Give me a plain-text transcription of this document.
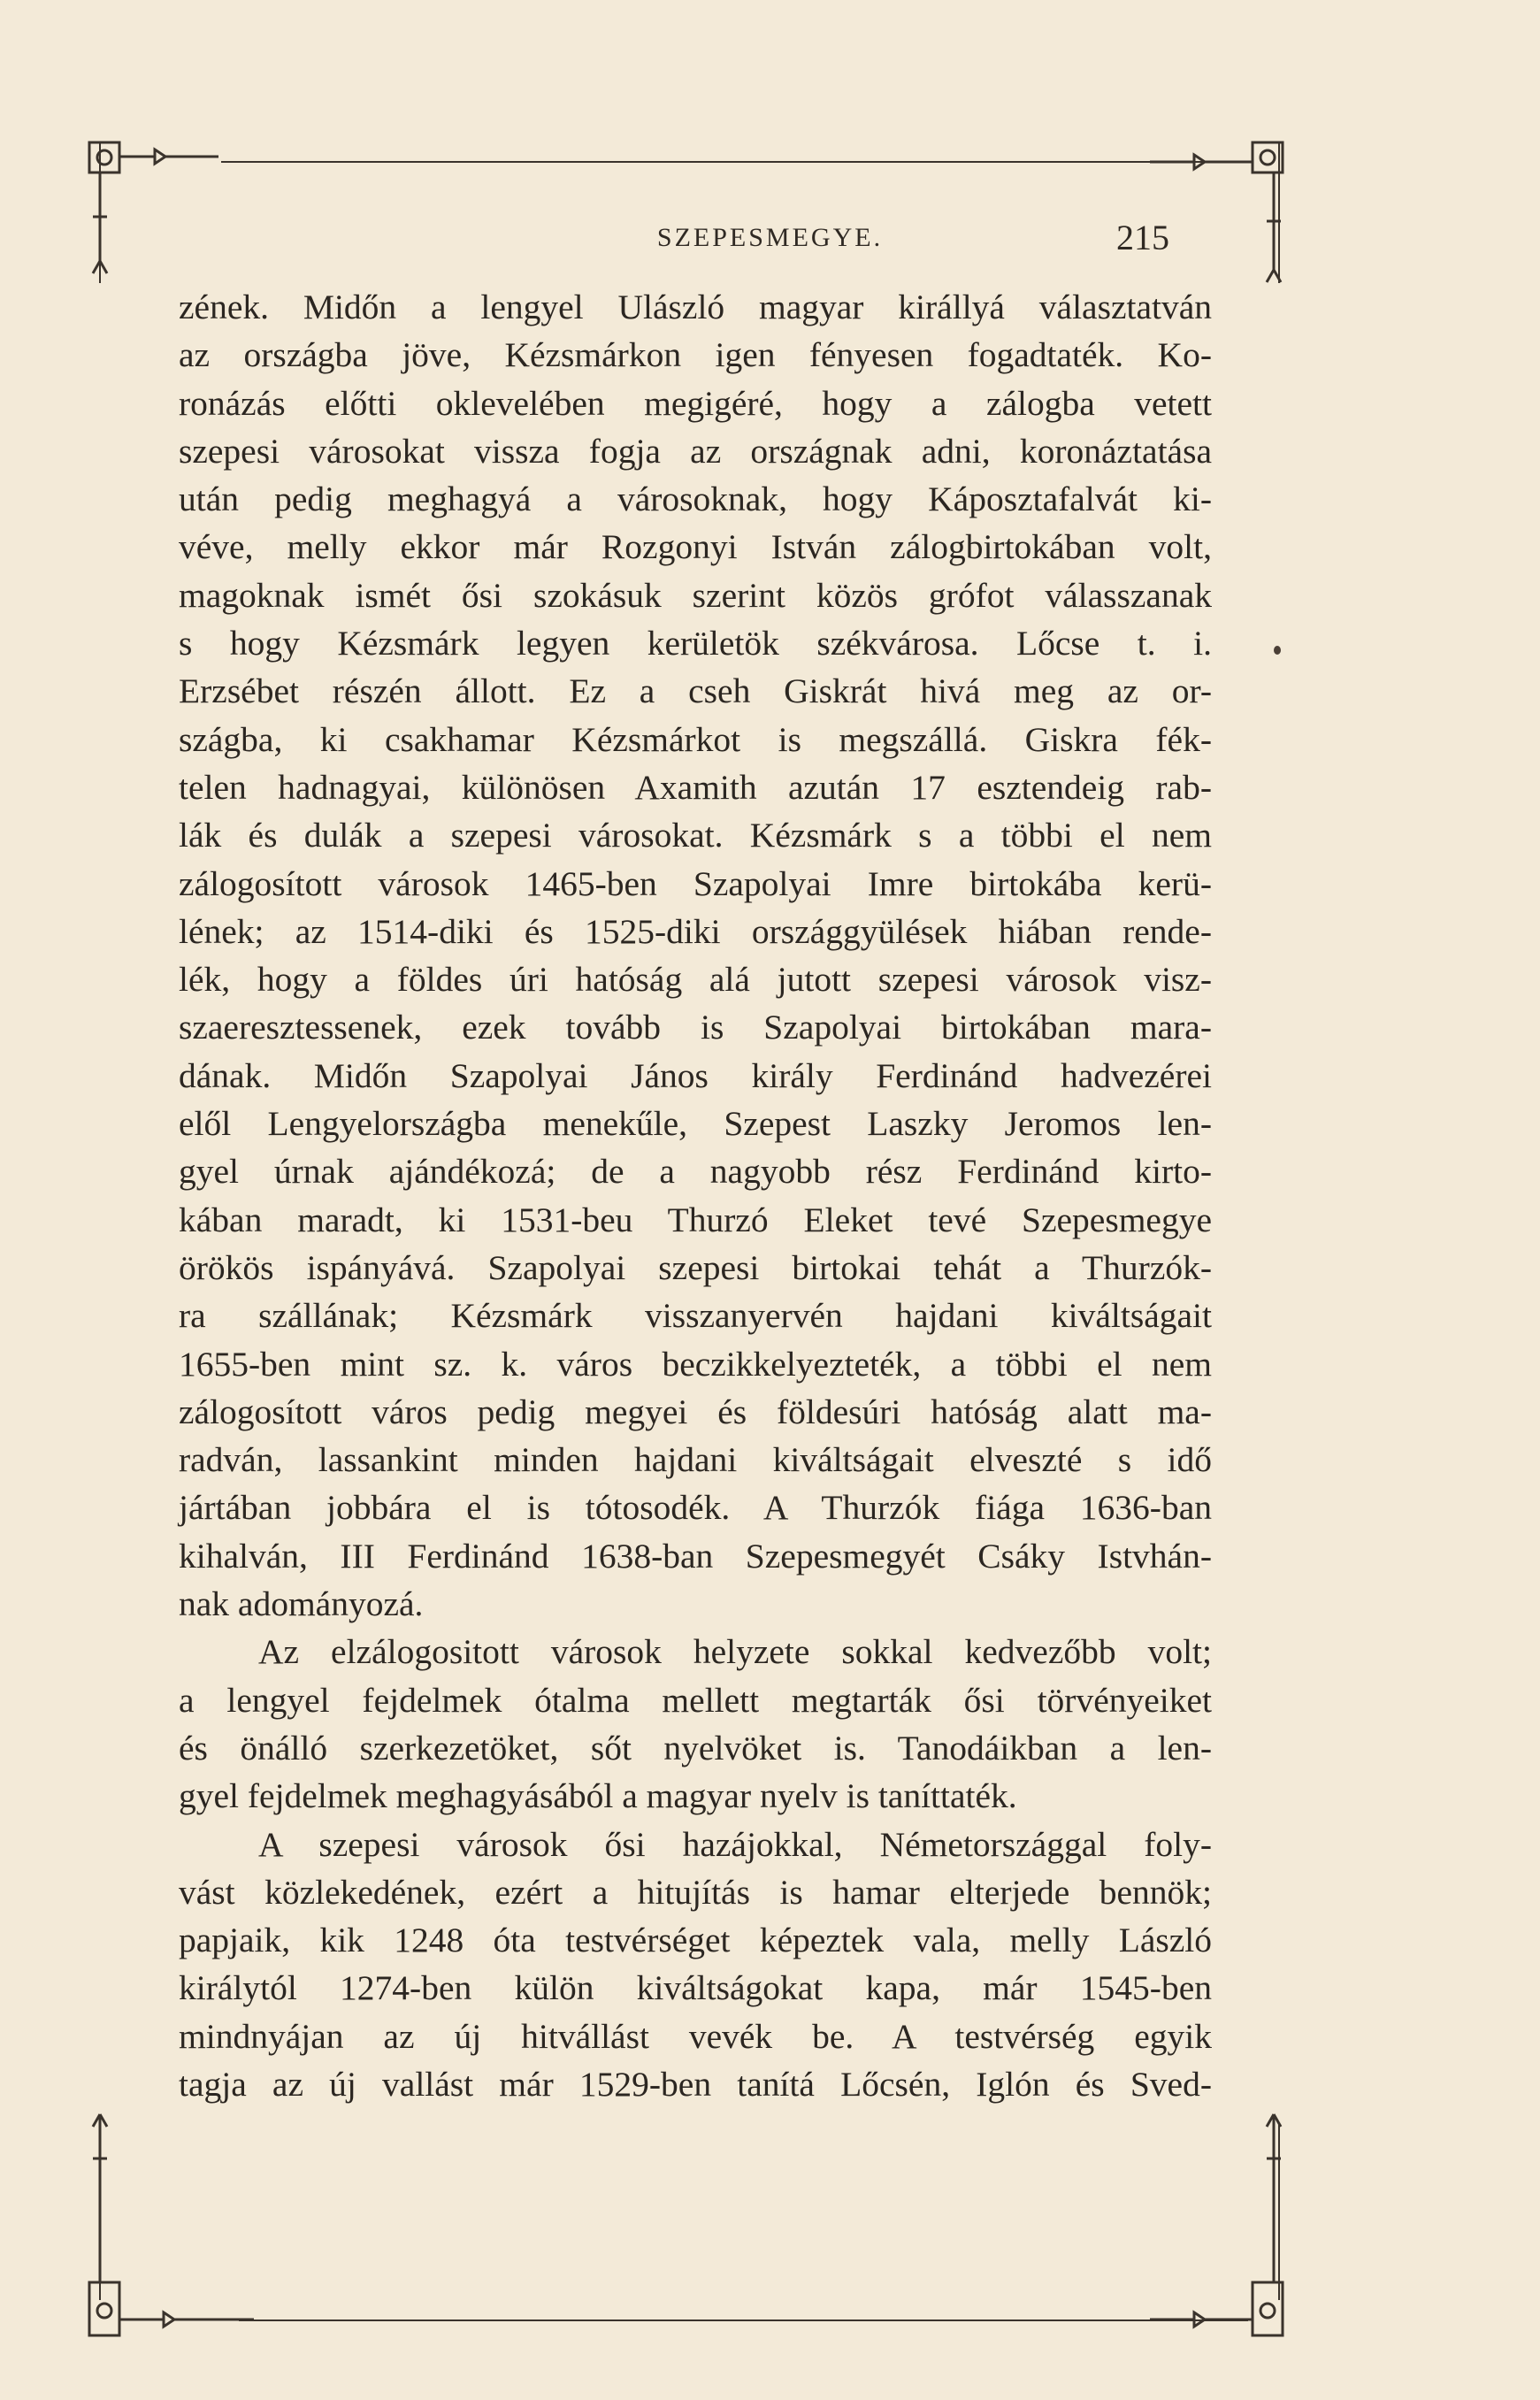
SZEPESMEGYE.	215
zének. Midőn a lengyel Ulászló magyar királlyá választatván
az országba jöve, Kézsmárkon igen fényesen fogadtaték. Ko-
ronázás előtti oklevelében megigéré, hogy a zálogba vetett
szepesi városokat vissza fogja az országnak adni, koronáztatása
után pedig meghagyá a városoknak, hogy Káposztafalvát ki-
véve, melly ekkor már Rozgonyi István zálogbirtokában volt,
magoknak ismét ősi szokásuk szerint közös grófot válasszanak
s hogy Kézsmárk legyen kerületök székvárosa. Lőcse t. i.
Erzsébet részén állott. Ez a cseh Giskrát hivá meg az or-
szágba, ki csakhamar Kézsmárkot is megszállá. Giskra fék-
telen hadnagyai, különösen Axamith azután 17 esztendeig rab-
lák és dulák a szepesi városokat. Kézsmárk s a többi el nem
zálogosított városok 1465-ben Szapolyai Imre birtokába kerü-
lének; az 1514-diki és 1525-diki országgyülések hiában rende-
lék, hogy a földes úri hatóság alá jutott szepesi városok visz-
szaeresztessenek, ezek tovább is Szapolyai birtokában mara-
dának. Midőn Szapolyai János király Ferdinánd hadvezérei
elől Lengyelországba menekűle, Szepest Laszky Jeromos len-
gyel úrnak ajándékozá; de a nagyobb rész Ferdinánd kirto-
kában maradt, ki 1531-beu Thurzó Eleket tevé Szepesmegye
örökös ispányává. Szapolyai szepesi birtokai tehát a Thurzók-
ra szállának; Kézsmárk visszanyervén hajdani kiváltságait
1655-ben mint sz. k. város beczikkelyezteték, a többi el nem
zálogosított város pedig megyei és földesúri hatóság alatt ma-
radván, lassankint minden hajdani kiváltságait elveszté s idő
jártában jobbára el is tótosodék. A Thurzók fiága 1636-ban
kihalván, III Ferdinánd 1638-ban Szepesmegyét Csáky Istvhán-
nak adományozá.
Az elzálogositott városok helyzete sokkal kedvezőbb volt;
a lengyel fejdelmek ótalma mellett megtarták ősi törvényeiket
és önálló szerkezetöket, sőt nyelvöket is. Tanodáikban a len-
gyel fejdelmek meghagyásából a magyar nyelv is taníttaték.
A szepesi városok ősi hazájokkal, Németországgal foly-
vást közlekedének, ezért a hitujítás is hamar elterjede bennök;
papjaik, kik 1248 óta testvérséget képeztek vala, melly László
királytól 1274-ben külön kiváltságokat kapa, már 1545-ben
mindnyájan az új hitvállást vevék be. A testvérség egyik
tagja az új vallást már 1529-ben tanítá Lőcsén, Iglón és Sved-
